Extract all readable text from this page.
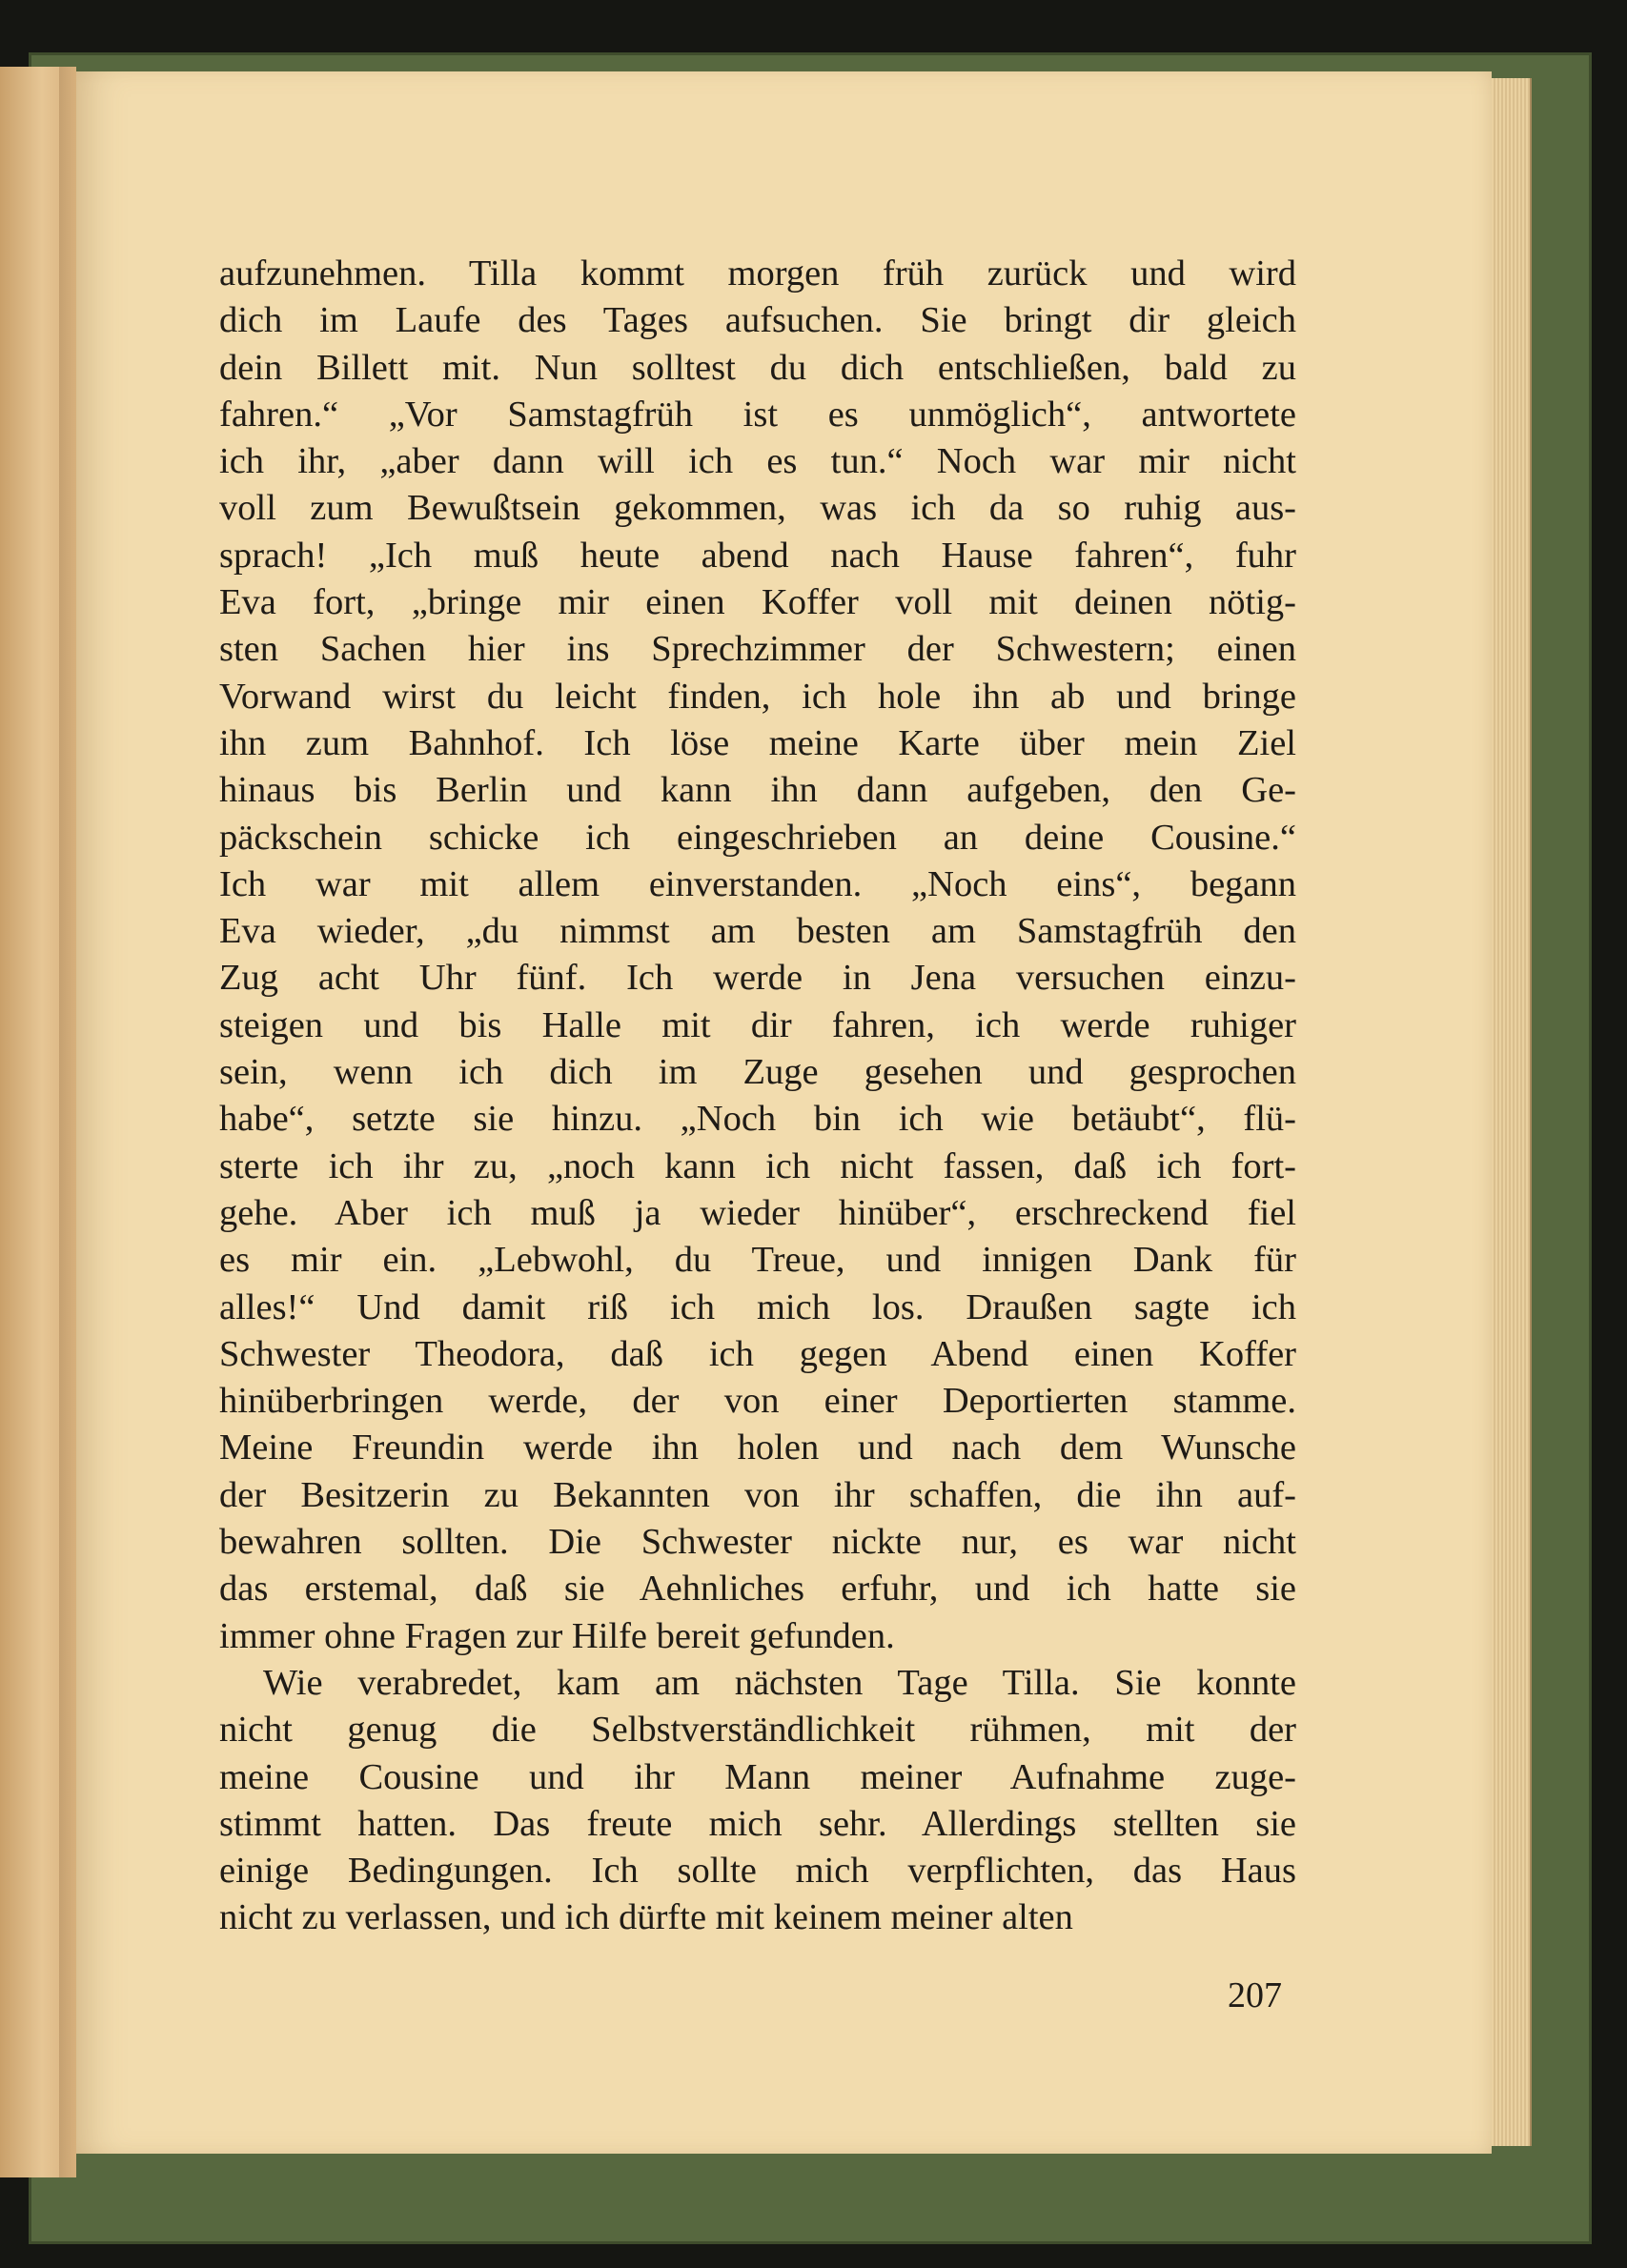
aufzunehmen. Tilla kommt morgen früh zurück und wird
dich im Laufe des Tages aufsuchen. Sie bringt dir gleich
dein Billett mit. Nun solltest du dich entschließen, bald zu
fahren.“ „Vor Samstagfrüh ist es unmöglich“, antwortete
ich ihr, „aber dann will ich es tun.“ Noch war mir nicht
voll zum Bewußtsein gekommen, was ich da so ruhig aus-
sprach! „Ich muß heute abend nach Hause fahren“, fuhr
Eva fort, „bringe mir einen Koffer voll mit deinen nötig-
sten Sachen hier ins Sprechzimmer der Schwestern; einen
Vorwand wirst du leicht finden, ich hole ihn ab und bringe
ihn zum Bahnhof. Ich löse meine Karte über mein Ziel
hinaus bis Berlin und kann ihn dann aufgeben, den Ge-
päckschein schicke ich eingeschrieben an deine Cousine.“
Ich war mit allem einverstanden. „Noch eins“, begann
Eva wieder, „du nimmst am besten am Samstagfrüh den
Zug acht Uhr fünf. Ich werde in Jena versuchen einzu-
steigen und bis Halle mit dir fahren, ich werde ruhiger
sein, wenn ich dich im Zuge gesehen und gesprochen
habe“, setzte sie hinzu. „Noch bin ich wie betäubt“, flü-
sterte ich ihr zu, „noch kann ich nicht fassen, daß ich fort-
gehe. Aber ich muß ja wieder hinüber“, erschreckend fiel
es mir ein. „Lebwohl, du Treue, und innigen Dank für
alles!“ Und damit riß ich mich los. Draußen sagte ich
Schwester Theodora, daß ich gegen Abend einen Koffer
hinüberbringen werde, der von einer Deportierten stamme.
Meine Freundin werde ihn holen und nach dem Wunsche
der Besitzerin zu Bekannten von ihr schaffen, die ihn auf-
bewahren sollten. Die Schwester nickte nur, es war nicht
das erstemal, daß sie Aehnliches erfuhr, und ich hatte sie
immer ohne Fragen zur Hilfe bereit gefunden.
Wie verabredet, kam am nächsten Tage Tilla. Sie konnte
nicht genug die Selbstverständlichkeit rühmen, mit der
meine Cousine und ihr Mann meiner Aufnahme zuge-
stimmt hatten. Das freute mich sehr. Allerdings stellten sie
einige Bedingungen. Ich sollte mich verpflichten, das Haus
nicht zu verlassen, und ich dürfte mit keinem meiner alten
207
